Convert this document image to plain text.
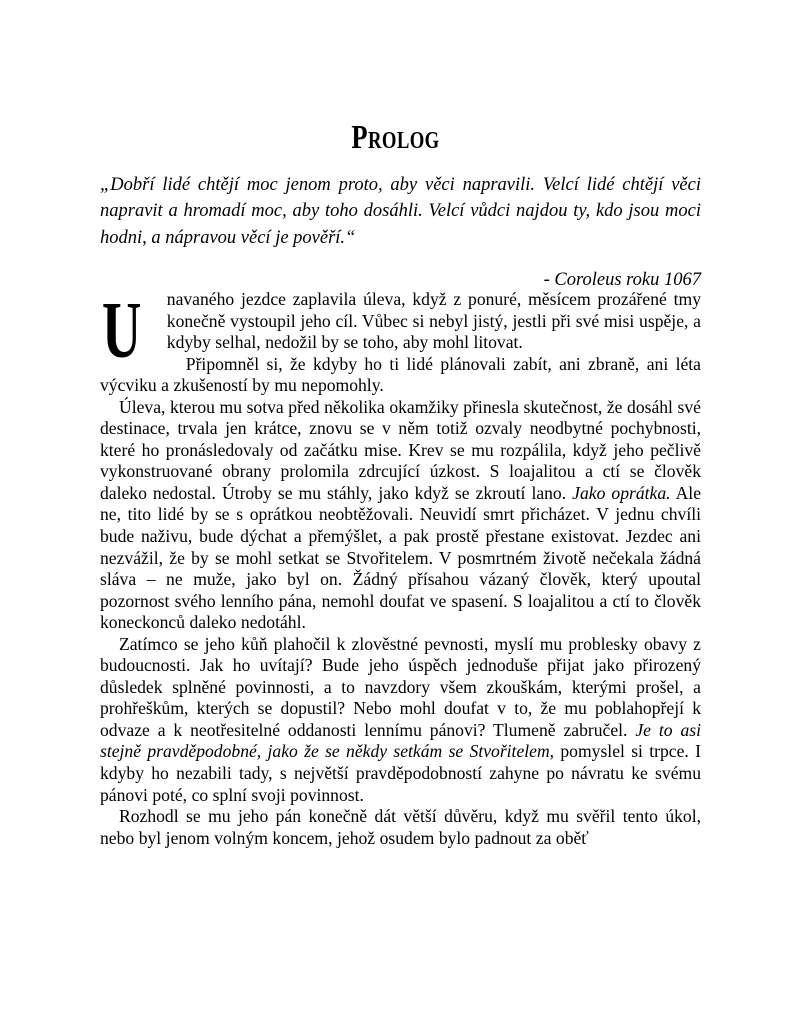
Prolog

„Dobří lidé chtějí moc jenom proto, aby věci napravili. Velcí lidé chtějí věci napravit a hromadí moc, aby toho dosáhli. Velcí vůdci najdou ty, kdo jsou moci hodni, a nápravou věcí je pověří.“

- Coroleus roku 1067

U navaného jezdce zaplavila úleva, když z ponuré, měsícem prozářené tmy konečně vystoupil jeho cíl. Vůbec si nebyl jistý, jestli při své misi uspěje, a kdyby selhal, nedožil by se toho, aby mohl litovat.

Připomněl si, že kdyby ho ti lidé plánovali zabít, ani zbraně, ani léta výcviku a zkušeností by mu nepomohly.

Úleva, kterou mu sotva před několika okamžiky přinesla skutečnost, že dosáhl své destinace, trvala jen krátce, znovu se v něm totiž ozvaly neodbytné pochybnosti, které ho pronásledovaly od začátku mise. Krev se mu rozpálila, když jeho pečlivě vykonstruované obrany prolomila zdrcující úzkost. S loajalitou a ctí se člověk daleko nedostal. Útroby se mu stáhly, jako když se zkroutí lano. Jako oprátka. Ale ne, tito lidé by se s oprátkou neobtěžovali. Neuvidí smrt přicházet. V jednu chvíli bude naživu, bude dýchat a přemýšlet, a pak prostě přestane existovat. Jezdec ani nezvážil, že by se mohl setkat se Stvořitelem. V posmrtném životě nečekala žádná sláva – ne muže, jako byl on. Žádný přísahou vázaný člověk, který upoutal pozornost svého lenního pána, nemohl doufat ve spasení. S loajalitou a ctí to člověk koneckonců daleko nedotáhl.

Zatímco se jeho kůň plahočil k zlověstné pevnosti, myslí mu problesky obavy z budoucnosti. Jak ho uvítají? Bude jeho úspěch jednoduše přijat jako přirozený důsledek splněné povinnosti, a to navzdory všem zkouškám, kterými prošel, a prohřeškům, kterých se dopustil? Nebo mohl doufat v to, že mu poblahopřejí k odvaze a k neotřesitelné oddanosti lennímu pánovi? Tlumeně zabručel. Je to asi stejně pravděpodobné, jako že se někdy setkám se Stvořitelem, pomyslel si trpce. I kdyby ho nezabili tady, s největší pravděpodobností zahyne po návratu ke svému pánovi poté, co splní svoji povinnost.

Rozhodl se mu jeho pán konečně dát větší důvěru, když mu svěřil tento úkol, nebo byl jenom volným koncem, jehož osudem bylo padnout za oběť
